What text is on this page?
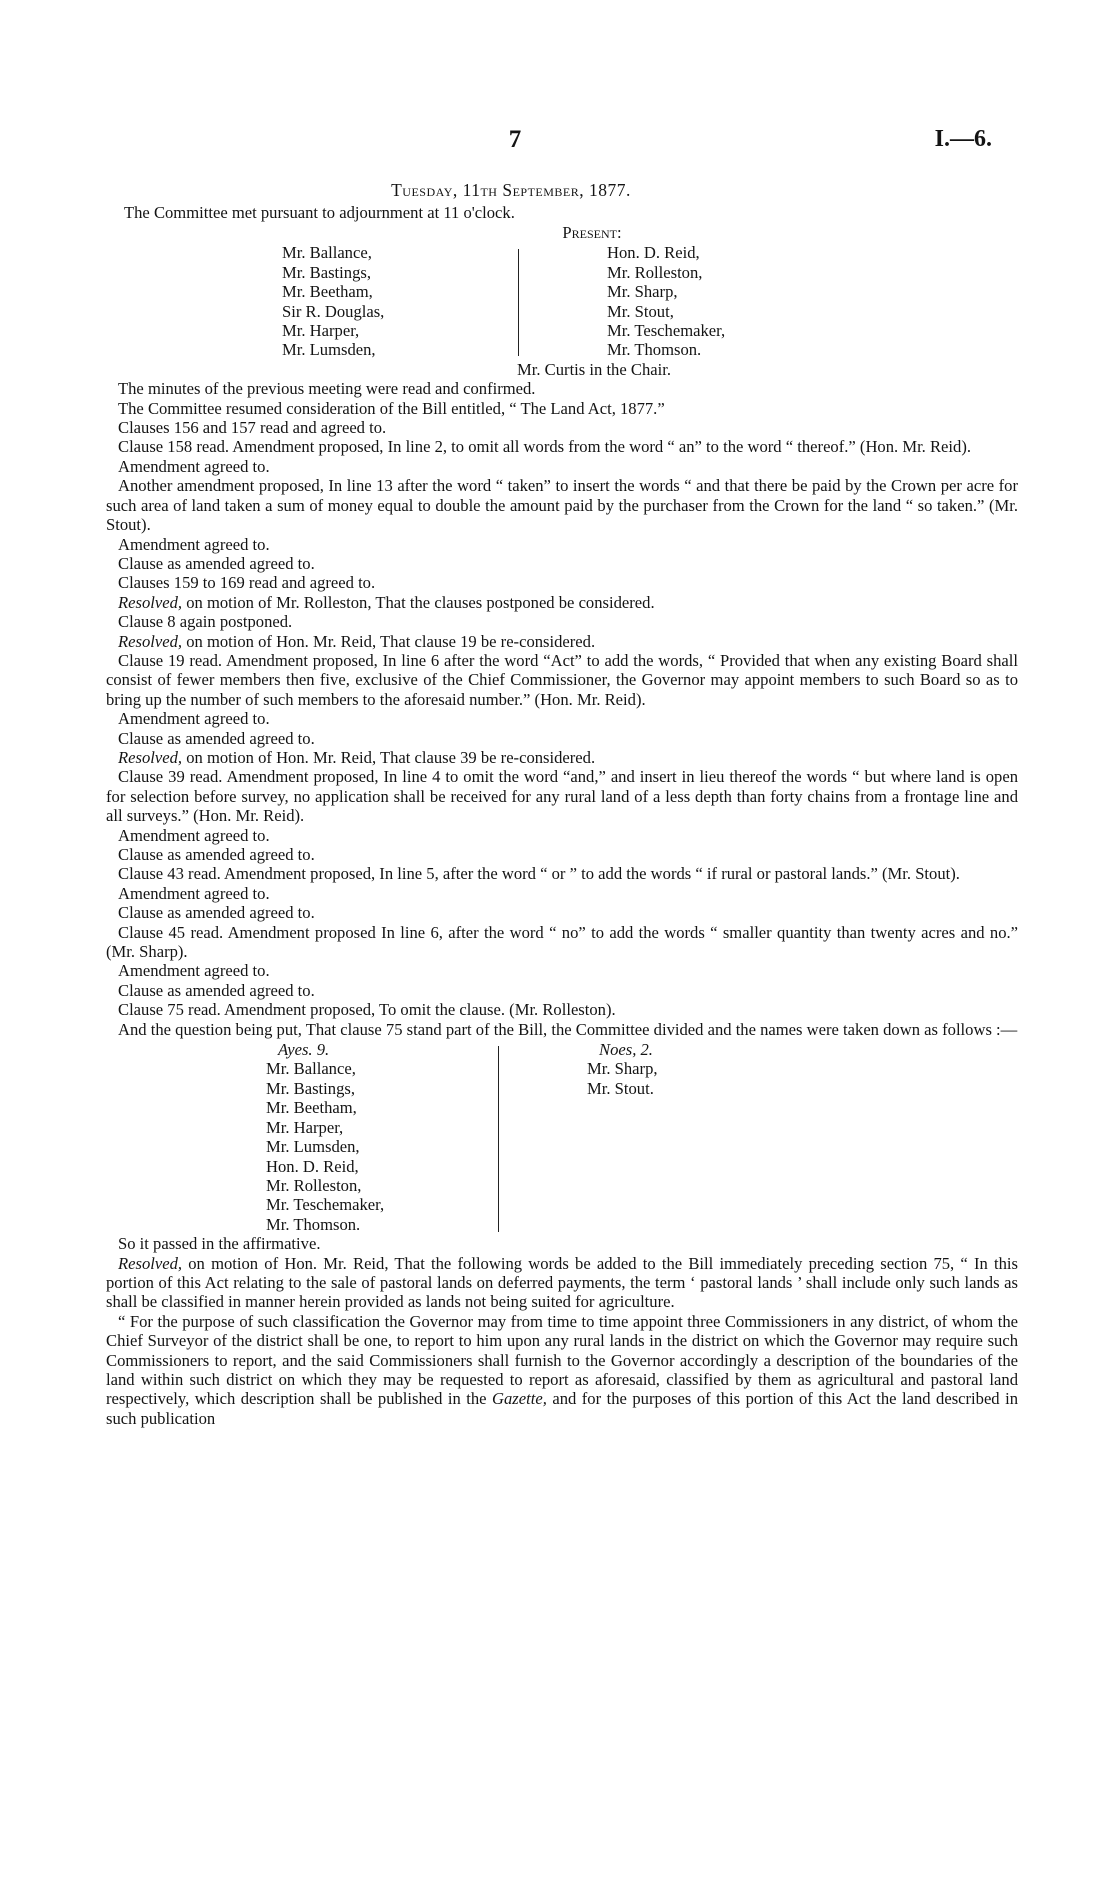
7	I.—6.
Tuesday, 11th September, 1877.

The Committee met pursuant to adjournment at 11 o'clock.

Present:
Mr. Ballance,
Mr. Bastings,
Mr. Beetham,
Sir R. Douglas,
Mr. Harper,
Mr. Lumsden,
Hon. D. Reid,
Mr. Rolleston,
Mr. Sharp,
Mr. Stout,
Mr. Teschemaker,
Mr. Thomson.
Mr. Curtis in the Chair.

The minutes of the previous meeting were read and confirmed.

The Committee resumed consideration of the Bill entitled, “ The Land Act, 1877.”

Clauses 156 and 157 read and agreed to.

Clause 158 read. Amendment proposed, In line 2, to omit all words from the word “ an” to the word “ thereof.” (Hon. Mr. Reid).

Amendment agreed to.

Another amendment proposed, In line 13 after the word “ taken” to insert the words “ and that there be paid by the Crown per acre for such area of land taken a sum of money equal to double the amount paid by the purchaser from the Crown for the land “ so taken.” (Mr. Stout).

Amendment agreed to.

Clause as amended agreed to.

Clauses 159 to 169 read and agreed to.

Resolved, on motion of Mr. Rolleston, That the clauses postponed be considered.

Clause 8 again postponed.

Resolved, on motion of Hon. Mr. Reid, That clause 19 be re-considered.

Clause 19 read. Amendment proposed, In line 6 after the word “Act” to add the words, “ Provided that when any existing Board shall consist of fewer members then five, exclusive of the Chief Commissioner, the Governor may appoint members to such Board so as to bring up the number of such members to the aforesaid number.” (Hon. Mr. Reid).

Amendment agreed to.

Clause as amended agreed to.

Resolved, on motion of Hon. Mr. Reid, That clause 39 be re-considered.

Clause 39 read. Amendment proposed, In line 4 to omit the word “and,” and insert in lieu thereof the words “ but where land is open for selection before survey, no application shall be received for any rural land of a less depth than forty chains from a frontage line and all surveys.” (Hon. Mr. Reid).

Amendment agreed to.

Clause as amended agreed to.

Clause 43 read. Amendment proposed, In line 5, after the word “ or ” to add the words “ if rural or pastoral lands.” (Mr. Stout).

Amendment agreed to.

Clause as amended agreed to.

Clause 45 read. Amendment proposed In line 6, after the word “ no” to add the words “ smaller quantity than twenty acres and no.” (Mr. Sharp).

Amendment agreed to.

Clause as amended agreed to.

Clause 75 read. Amendment proposed, To omit the clause. (Mr. Rolleston).

And the question being put, That clause 75 stand part of the Bill, the Committee divided and the names were taken down as follows :—

Ayes. 9.
Mr. Ballance,
Mr. Bastings,
Mr. Beetham,
Mr. Harper,
Mr. Lumsden,
Hon. D. Reid,
Mr. Rolleston,
Mr. Teschemaker,
Mr. Thomson.
Noes, 2.
Mr. Sharp,
Mr. Stout.

So it passed in the affirmative.

Resolved, on motion of Hon. Mr. Reid, That the following words be added to the Bill immediately preceding section 75, “ In this portion of this Act relating to the sale of pastoral lands on deferred payments, the term ‘ pastoral lands ’ shall include only such lands as shall be classified in manner herein provided as lands not being suited for agriculture.

“ For the purpose of such classification the Governor may from time to time appoint three Commissioners in any district, of whom the Chief Surveyor of the district shall be one, to report to him upon any rural lands in the district on which the Governor may require such Commissioners to report, and the said Commissioners shall furnish to the Governor accordingly a description of the boundaries of the land within such district on which they may be requested to report as aforesaid, classified by them as agricultural and pastoral land respectively, which description shall be published in the Gazette, and for the purposes of this portion of this Act the land described in such publication
